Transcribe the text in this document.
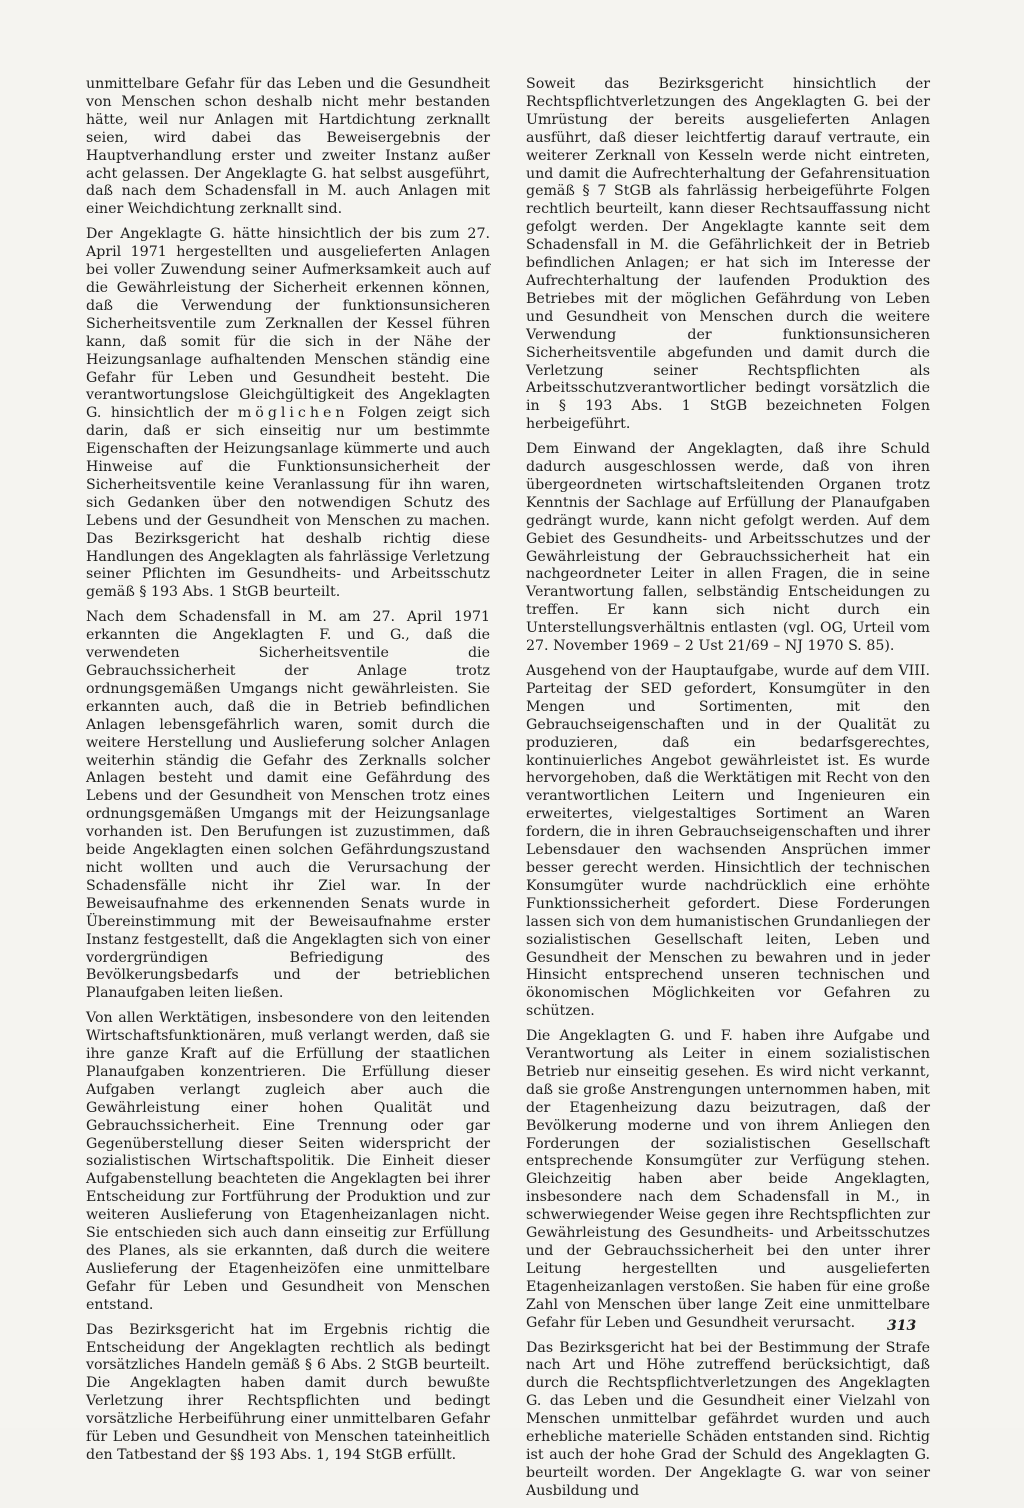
unmittelbare Gefahr für das Leben und die Gesundheit von Menschen schon deshalb nicht mehr bestanden hätte, weil nur Anlagen mit Hartdichtung zerknallt seien, wird dabei das Beweisergebnis der Hauptverhandlung erster und zweiter Instanz außer acht gelassen. Der Angeklagte G. hat selbst ausgeführt, daß nach dem Schadensfall in M. auch Anlagen mit einer Weichdichtung zerknallt sind.

Der Angeklagte G. hätte hinsichtlich der bis zum 27. April 1971 hergestellten und ausgelieferten Anlagen bei voller Zuwendung seiner Aufmerksamkeit auch auf die Gewährleistung der Sicherheit erkennen können, daß die Verwendung der funktionsunsicheren Sicherheitsventile zum Zerknallen der Kessel führen kann, daß somit für die sich in der Nähe der Heizungsanlage aufhaltenden Menschen ständig eine Gefahr für Leben und Gesundheit besteht. Die verantwortungslose Gleichgültigkeit des Angeklagten G. hinsichtlich der möglichen Folgen zeigt sich darin, daß er sich einseitig nur um bestimmte Eigenschaften der Heizungsanlage kümmerte und auch Hinweise auf die Funktionsunsicherheit der Sicherheitsventile keine Veranlassung für ihn waren, sich Gedanken über den notwendigen Schutz des Lebens und der Gesundheit von Menschen zu machen. Das Bezirksgericht hat deshalb richtig diese Handlungen des Angeklagten als fahrlässige Verletzung seiner Pflichten im Gesundheits- und Arbeitsschutz gemäß § 193 Abs. 1 StGB beurteilt.

Nach dem Schadensfall in M. am 27. April 1971 erkannten die Angeklagten F. und G., daß die verwendeten Sicherheitsventile die Gebrauchssicherheit der Anlage trotz ordnungsgemäßen Umgangs nicht gewährleisten. Sie erkannten auch, daß die in Betrieb befindlichen Anlagen lebensgefährlich waren, somit durch die weitere Herstellung und Auslieferung solcher Anlagen weiterhin ständig die Gefahr des Zerknalls solcher Anlagen besteht und damit eine Gefährdung des Lebens und der Gesundheit von Menschen trotz eines ordnungsgemäßen Umgangs mit der Heizungsanlage vorhanden ist. Den Berufungen ist zuzustimmen, daß beide Angeklagten einen solchen Gefährdungszustand nicht wollten und auch die Verursachung der Schadensfälle nicht ihr Ziel war. In der Beweisaufnahme des erkennenden Senats wurde in Übereinstimmung mit der Beweisaufnahme erster Instanz festgestellt, daß die Angeklagten sich von einer vordergründigen Befriedigung des Bevölkerungsbedarfs und der betrieblichen Planaufgaben leiten ließen.

Von allen Werktätigen, insbesondere von den leitenden Wirtschaftsfunktionären, muß verlangt werden, daß sie ihre ganze Kraft auf die Erfüllung der staatlichen Planaufgaben konzentrieren. Die Erfüllung dieser Aufgaben verlangt zugleich aber auch die Gewährleistung einer hohen Qualität und Gebrauchssicherheit. Eine Trennung oder gar Gegenüberstellung dieser Seiten widerspricht der sozialistischen Wirtschaftspolitik. Die Einheit dieser Aufgabenstellung beachteten die Angeklagten bei ihrer Entscheidung zur Fortführung der Produktion und zur weiteren Auslieferung von Etagenheizanlagen nicht. Sie entschieden sich auch dann einseitig zur Erfüllung des Planes, als sie erkannten, daß durch die weitere Auslieferung der Etagenheizöfen eine unmittelbare Gefahr für Leben und Gesundheit von Menschen entstand.

Das Bezirksgericht hat im Ergebnis richtig die Entscheidung der Angeklagten rechtlich als bedingt vorsätzliches Handeln gemäß § 6 Abs. 2 StGB beurteilt. Die Angeklagten haben damit durch bewußte Verletzung ihrer Rechtspflichten und bedingt vorsätzliche Herbeiführung einer unmittelbaren Gefahr für Leben und Gesundheit von Menschen tateinheitlich den Tatbestand der §§ 193 Abs. 1, 194 StGB erfüllt.

Soweit das Bezirksgericht hinsichtlich der Rechtspflichtverletzungen des Angeklagten G. bei der Umrüstung der bereits ausgelieferten Anlagen ausführt, daß dieser leichtfertig darauf vertraute, ein weiterer Zerknall von Kesseln werde nicht eintreten, und damit die Aufrechterhaltung der Gefahrensituation gemäß § 7 StGB als fahrlässig herbeigeführte Folgen rechtlich beurteilt, kann dieser Rechtsauffassung nicht gefolgt werden. Der Angeklagte kannte seit dem Schadensfall in M. die Gefährlichkeit der in Betrieb befindlichen Anlagen; er hat sich im Interesse der Aufrechterhaltung der laufenden Produktion des Betriebes mit der möglichen Gefährdung von Leben und Gesundheit von Menschen durch die weitere Verwendung der funktionsunsicheren Sicherheitsventile abgefunden und damit durch die Verletzung seiner Rechtspflichten als Arbeitsschutzverantwortlicher bedingt vorsätzlich die in § 193 Abs. 1 StGB bezeichneten Folgen herbeigeführt.

Dem Einwand der Angeklagten, daß ihre Schuld dadurch ausgeschlossen werde, daß von ihren übergeordneten wirtschaftsleitenden Organen trotz Kenntnis der Sachlage auf Erfüllung der Planaufgaben gedrängt wurde, kann nicht gefolgt werden. Auf dem Gebiet des Gesundheits- und Arbeitsschutzes und der Gewährleistung der Gebrauchssicherheit hat ein nachgeordneter Leiter in allen Fragen, die in seine Verantwortung fallen, selbständig Entscheidungen zu treffen. Er kann sich nicht durch ein Unterstellungsverhältnis entlasten (vgl. OG, Urteil vom 27. November 1969 – 2 Ust 21/69 – NJ 1970 S. 85).

Ausgehend von der Hauptaufgabe, wurde auf dem VIII. Parteitag der SED gefordert, Konsumgüter in den Mengen und Sortimenten, mit den Gebrauchseigenschaften und in der Qualität zu produzieren, daß ein bedarfsgerechtes, kontinuierliches Angebot gewährleistet ist. Es wurde hervorgehoben, daß die Werktätigen mit Recht von den verantwortlichen Leitern und Ingenieuren ein erweitertes, vielgestaltiges Sortiment an Waren fordern, die in ihren Gebrauchseigenschaften und ihrer Lebensdauer den wachsenden Ansprüchen immer besser gerecht werden. Hinsichtlich der technischen Konsumgüter wurde nachdrücklich eine erhöhte Funktionssicherheit gefordert. Diese Forderungen lassen sich von dem humanistischen Grundanliegen der sozialistischen Gesellschaft leiten, Leben und Gesundheit der Menschen zu bewahren und in jeder Hinsicht entsprechend unseren technischen und ökonomischen Möglichkeiten vor Gefahren zu schützen.

Die Angeklagten G. und F. haben ihre Aufgabe und Verantwortung als Leiter in einem sozialistischen Betrieb nur einseitig gesehen. Es wird nicht verkannt, daß sie große Anstrengungen unternommen haben, mit der Etagenheizung dazu beizutragen, daß der Bevölkerung moderne und von ihrem Anliegen den Forderungen der sozialistischen Gesellschaft entsprechende Konsumgüter zur Verfügung stehen. Gleichzeitig haben aber beide Angeklagten, insbesondere nach dem Schadensfall in M., in schwerwiegender Weise gegen ihre Rechtspflichten zur Gewährleistung des Gesundheits- und Arbeitsschutzes und der Gebrauchssicherheit bei den unter ihrer Leitung hergestellten und ausgelieferten Etagenheizanlagen verstoßen. Sie haben für eine große Zahl von Menschen über lange Zeit eine unmittelbare Gefahr für Leben und Gesundheit verursacht.

Das Bezirksgericht hat bei der Bestimmung der Strafe nach Art und Höhe zutreffend berücksichtigt, daß durch die Rechtspflichtverletzungen des Angeklagten G. das Leben und die Gesundheit einer Vielzahl von Menschen unmittelbar gefährdet wurden und auch erhebliche materielle Schäden entstanden sind. Richtig ist auch der hohe Grad der Schuld des Angeklagten G. beurteilt worden. Der Angeklagte G. war von seiner Ausbildung und

313
